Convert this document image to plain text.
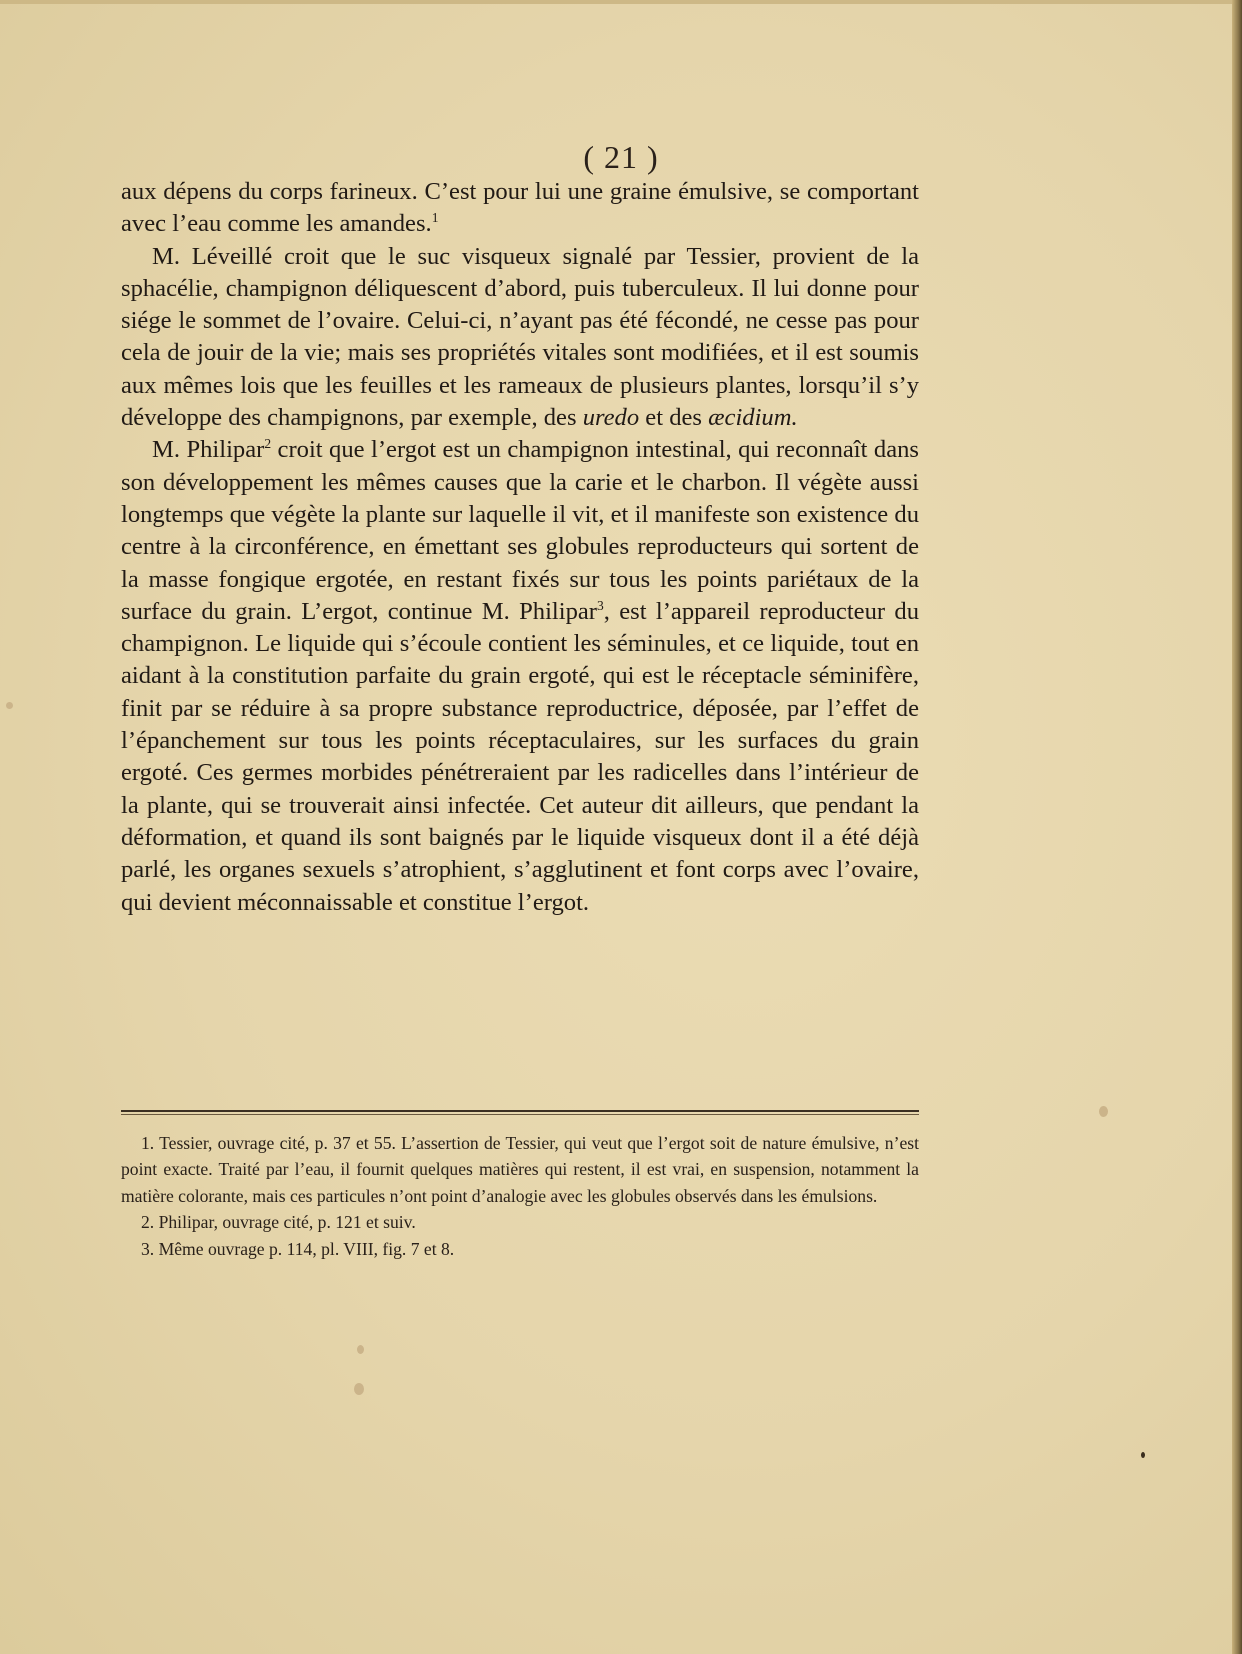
( 21 )

aux dépens du corps farineux. C’est pour lui une graine émulsive, se comportant avec l’eau comme les amandes.$^1$

M. Léveillé croit que le suc visqueux signalé par Tessier, provient de la sphacélie, champignon déliquescent d’abord, puis tuberculeux. Il lui donne pour siége le sommet de l’ovaire. Celui-ci, n’ayant pas été fécondé, ne cesse pas pour cela de jouir de la vie; mais ses propriétés vitales sont modifiées, et il est soumis aux mêmes lois que les feuilles et les rameaux de plusieurs plantes, lorsqu’il s’y développe des champignons, par exemple, des uredo et des æcidium.

M. Philipar$^2$ croit que l’ergot est un champignon intestinal, qui reconnaît dans son développement les mêmes causes que la carie et le charbon. Il végète aussi longtemps que végète la plante sur laquelle il vit, et il manifeste son existence du centre à la circonférence, en émettant ses globules reproducteurs qui sortent de la masse fongique ergotée, en restant fixés sur tous les points pariétaux de la surface du grain. L’ergot, continue M. Philipar$^3$, est l’appareil reproducteur du champignon. Le liquide qui s’écoule contient les séminules, et ce liquide, tout en aidant à la constitution parfaite du grain ergoté, qui est le réceptacle séminifère, finit par se réduire à sa propre substance reproductrice, déposée, par l’effet de l’épanchement sur tous les points réceptaculaires, sur les surfaces du grain ergoté. Ces germes morbides pénétreraient par les radicelles dans l’intérieur de la plante, qui se trouverait ainsi infectée. Cet auteur dit ailleurs, que pendant la déformation, et quand ils sont baignés par le liquide visqueux dont il a été déjà parlé, les organes sexuels s’atrophient, s’agglutinent et font corps avec l’ovaire, qui devient méconnaissable et constitue l’ergot.

1. Tessier, ouvrage cité, p. 37 et 55. L’assertion de Tessier, qui veut que l’ergot soit de nature émulsive, n’est point exacte. Traité par l’eau, il fournit quelques matières qui restent, il est vrai, en suspension, notamment la matière colorante, mais ces particules n’ont point d’analogie avec les globules observés dans les émulsions.

2. Philipar, ouvrage cité, p. 121 et suiv.

3. Même ouvrage p. 114, pl. VIII, fig. 7 et 8.
